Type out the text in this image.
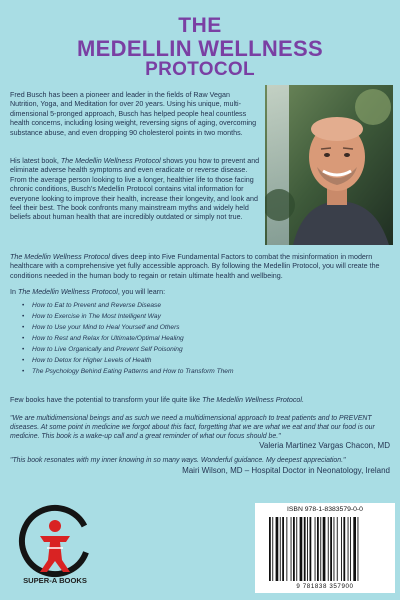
THE
MEDELLIN WELLNESS
PROTOCOL

Fred Busch has been a pioneer and leader in the fields of Raw Vegan Nutrition, Yoga, and Meditation for over 20 years. Using his unique, multi-dimensional 5-pronged approach, Busch has helped people heal countless health concerns, including losing weight, reversing signs of aging, overcoming substance abuse, and even dropping 90 cholesterol points in two months.

His latest book, The Medellin Wellness Protocol shows you how to prevent and eliminate adverse health symptoms and even eradicate or reverse disease. From the average person looking to live a longer, healthier life to those facing chronic conditions, Busch's Medellin Protocol contains vital information for everyone looking to improve their health, increase their longevity, and look and feel their best. The book confronts many mainstream myths and widely held beliefs about human health that are incredibly outdated or simply not true.

The Medellin Wellness Protocol dives deep into Five Fundamental Factors to combat the misinformation in modern healthcare with a comprehensive yet fully accessible approach. By following the Medellin Protocol, you will create the conditions needed in the human body to regain or retain ultimate health and wellbeing.

In The Medellin Wellness Protocol, you will learn:

• How to Eat to Prevent and Reverse Disease
• How to Exercise in The Most Intelligent Way
• How to Use your Mind to Heal Yourself and Others
• How to Rest and Relax for Ultimate/Optimal Healing
• How to Live Organically and Prevent Self Poisoning
• How to Detox for Higher Levels of Health
• The Psychology Behind Eating Patterns and How to Transform Them

Few books have the potential to transform your life quite like The Medellin Wellness Protocol.

"We are multidimensional beings and as such we need a multidimensional approach to treat patients and to PREVENT diseases. At some point in medicine we forgot about this fact, forgetting that we are what we eat and that our food is our medicine. This book is a wake-up call and a great reminder of what our focus should be."

Valeria Martinez Vargas Chacon, MD

"This book resonates with my inner knowing in so many ways. Wonderful guidance. My deepest appreciation."

Mairi Wilson, MD – Hospital Doctor in Neonatology, Ireland

SUPER-A BOOKS

ISBN 978-1-8383579-0-0

9 781838 357900
